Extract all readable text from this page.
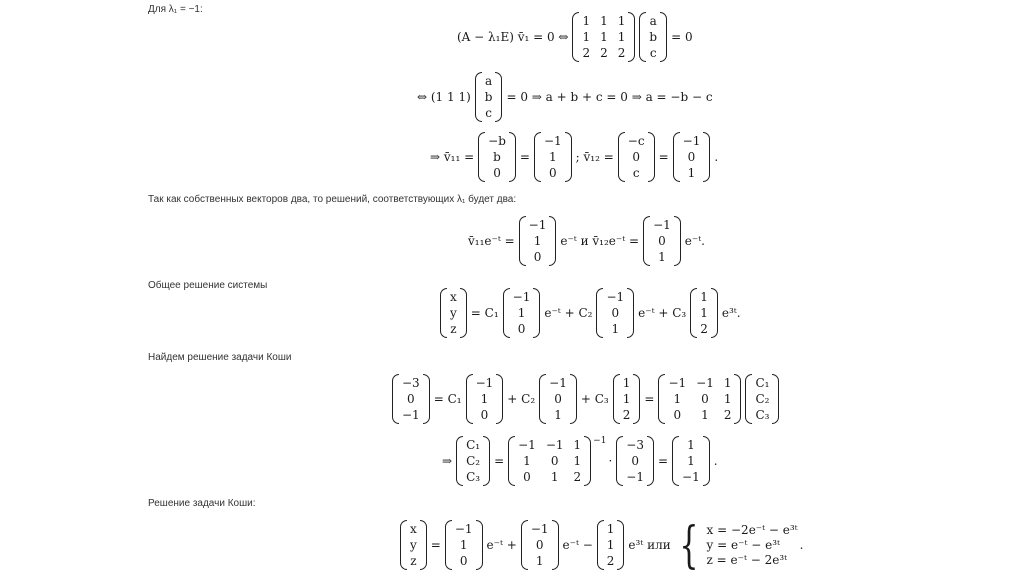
Для λ₁ = −1:
(A − λ₁E) v̄₁ = 0 ⇔
1 1 1
1 1 1
2 2 2
a
b
c
= 0
⇔ (1 1 1)
a
b
c
= 0 ⇒ a + b + c = 0 ⇒ a = −b − c
⇒ v̄₁₁ =
−b
b
0
=
−1
1
0
; v̄₁₂ =
−c
0
c
=
−1
0
1
.
Так как собственных векторов два, то решений, соответствующих λ₁ будет два:
v̄₁₁e⁻ᵗ =
−1
1
0
e⁻ᵗ и v̄₁₂e⁻ᵗ =
−1
0
1
e⁻ᵗ.
Общее решение системы
x
y
z
= C₁
−1
1
0
e⁻ᵗ + C₂
−1
0
1
e⁻ᵗ + C₃
1
1
2
e³ᵗ.
Найдем решение задачи Коши
−3
0
−1
= C₁
−1
1
0
+ C₂
−1
0
1
+ C₃
1
1
2
=
−1 −1 1
1	0	1
0	1	2
C₁
C₂
C₃
⇒
C₁
C₂
C₃
=
−1 −1 1
1	0	1
0	1	2
$^{-1}$
·
−3
0
−1
=
1
1
−1
.
Решение задачи Коши:
x
y
z
=
−1
1
0
e⁻ᵗ +
−1
0
1
e⁻ᵗ −
1
1
2
e³ᵗ или { x = −2e⁻ᵗ − e³ᵗ
y = e⁻ᵗ − e³ᵗ
z = e⁻ᵗ − 2e³ᵗ
.
